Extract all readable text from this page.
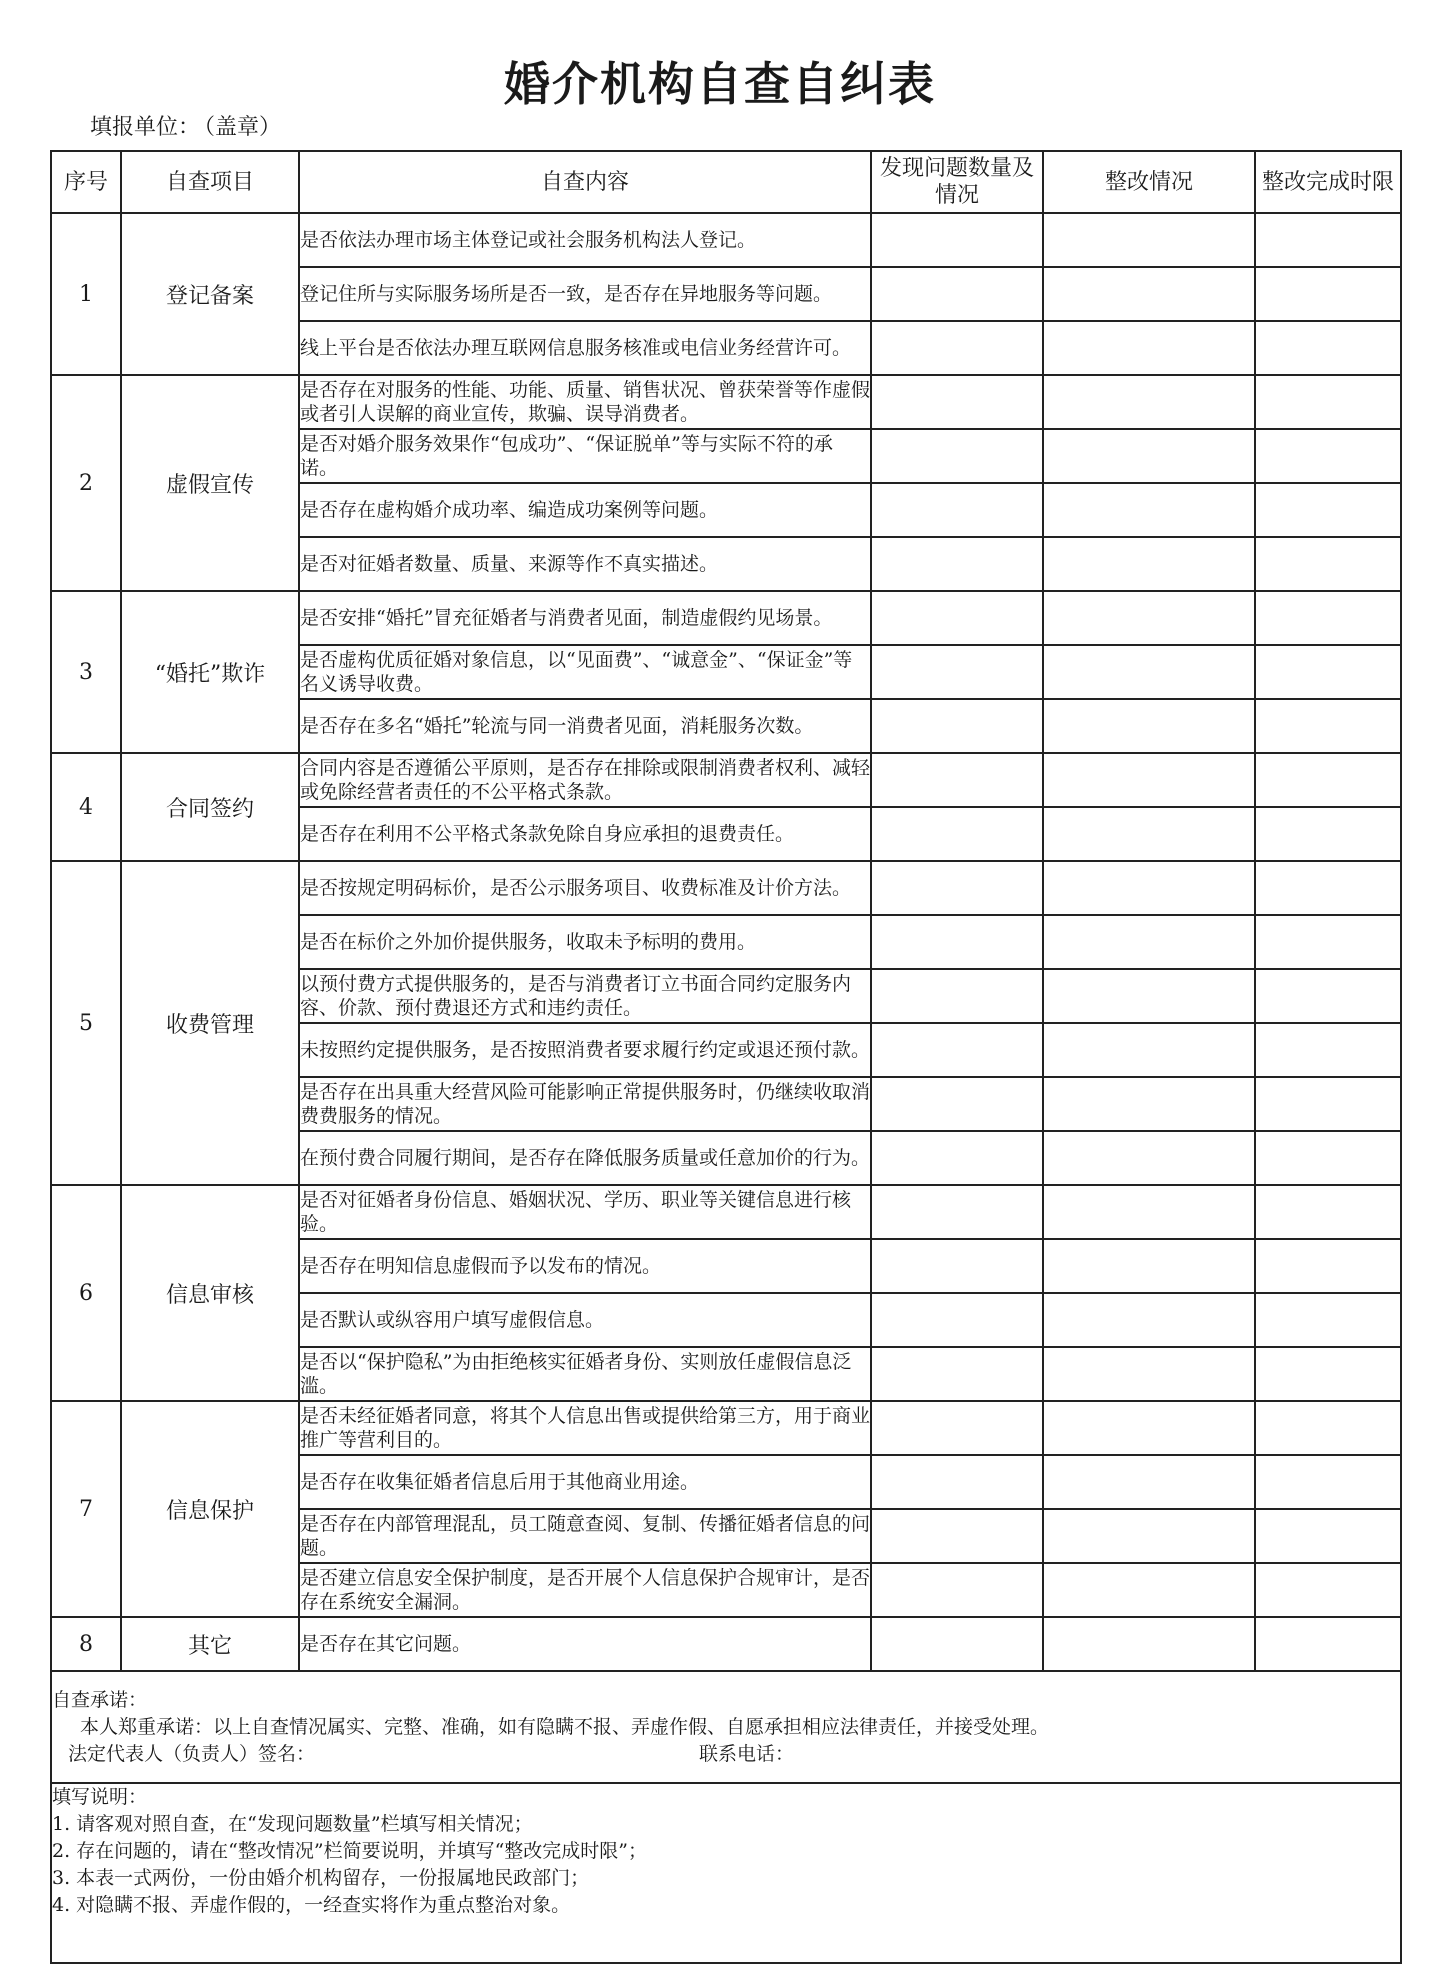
婚介机构自查自纠表
填报单位： （盖章）
序号	自查项目	自查内容	发现问题数量及情况	整改情况	整改完成时限
1	登记备案	是否依法办理市场主体登记或社会服务机构法人登记。			
		登记住所与实际服务场所是否一致，是否存在异地服务等问题。			
		线上平台是否依法办理互联网信息服务核准或电信业务经营许可。			
2	虚假宣传	是否存在对服务的性能、功能、质量、销售状况、曾获荣誉等作虚假或者引人误解的商业宣传，欺骗、误导消费者。			
		是否对婚介服务效果作“包成功”、“保证脱单”等与实际不符的承诺。			
		是否存在虚构婚介成功率、编造成功案例等问题。			
		是否对征婚者数量、质量、来源等作不真实描述。			
3	“婚托”欺诈	是否安排“婚托”冒充征婚者与消费者见面，制造虚假约见场景。			
		是否虚构优质征婚对象信息，以“见面费”、“诚意金”、“保证金”等名义诱导收费。			
		是否存在多名“婚托”轮流与同一消费者见面，消耗服务次数。			
4	合同签约	合同内容是否遵循公平原则，是否存在排除或限制消费者权利、减轻或免除经营者责任的不公平格式条款。			
		是否存在利用不公平格式条款免除自身应承担的退费责任。			
5	收费管理	是否按规定明码标价，是否公示服务项目、收费标准及计价方法。			
		是否在标价之外加价提供服务，收取未予标明的费用。			
		以预付费方式提供服务的，是否与消费者订立书面合同约定服务内容、价款、预付费退还方式和违约责任。			
		未按照约定提供服务，是否按照消费者要求履行约定或退还预付款。			
		是否存在出具重大经营风险可能影响正常提供服务时，仍继续收取消费费服务的情况。			
		在预付费合同履行期间，是否存在降低服务质量或任意加价的行为。			
6	信息审核	是否对征婚者身份信息、婚姻状况、学历、职业等关键信息进行核验。			
		是否存在明知信息虚假而予以发布的情况。			
		是否默认或纵容用户填写虚假信息。			
		是否以“保护隐私”为由拒绝核实征婚者身份、实则放任虚假信息泛滥。			
7	信息保护	是否未经征婚者同意，将其个人信息出售或提供给第三方，用于商业推广等营利目的。			
		是否存在收集征婚者信息后用于其他商业用途。			
		是否存在内部管理混乱，员工随意查阅、复制、传播征婚者信息的问题。			
		是否建立信息安全保护制度，是否开展个人信息保护合规审计，是否存在系统安全漏洞。			
8	其它	是否存在其它问题。			

自查承诺：
本人郑重承诺：以上自查情况属实、完整、准确，如有隐瞒不报、弄虚作假、自愿承担相应法律责任，并接受处理。
法定代表人（负责人）签名： 联系电话：					

填写说明：
1. 请客观对照自查，在“发现问题数量”栏填写相关情况；
2. 存在问题的，请在“整改情况”栏简要说明，并填写“整改完成时限”；
3. 本表一式两份，一份由婚介机构留存，一份报属地民政部门；
4. 对隐瞒不报、弄虚作假的，一经查实将作为重点整治对象。					
